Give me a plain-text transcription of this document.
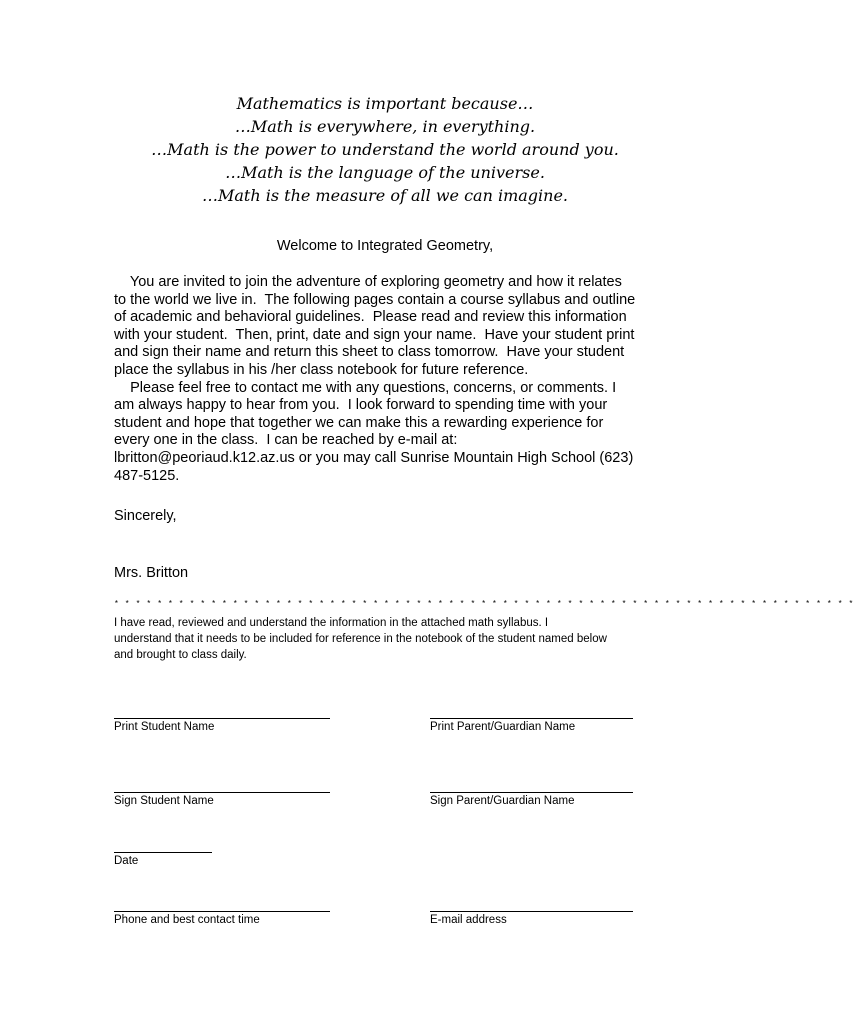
Mathematics is important because…
…Math is everywhere, in everything.
…Math is the power to understand the world around you.
…Math is the language of the universe.
…Math is the measure of all we can imagine.
Welcome to Integrated Geometry,
You are invited to join the adventure of exploring geometry and how it relates
to the world we live in.  The following pages contain a course syllabus and outline
of academic and behavioral guidelines.  Please read and review this information
with your student.  Then, print, date and sign your name.  Have your student print
and sign their name and return this sheet to class tomorrow.  Have your student
place the syllabus in his /her class notebook for future reference.
Please feel free to contact me with any questions, concerns, or comments. I
am always happy to hear from you.  I look forward to spending time with your
student and hope that together we can make this a rewarding experience for
every one in the class.  I can be reached by e-mail at:
lbritton@peoriaud.k12.az.us or you may call Sunrise Mountain High School (623)
487-5125.
Sincerely,
Mrs. Britton
* * * * * * * * * * * * * * * * * * * * * * * * * * * * * * * * * * * * * * * * * * * * * * * * * * * * * * * * * * * * * * * * * * * * *
I have read, reviewed and understand the information in the attached math syllabus. I
understand that it needs to be included for reference in the notebook of the student named below
and brought to class daily.
Print Student Name	Print Parent/Guardian Name
Sign Student Name	Sign Parent/Guardian Name
Date
Phone and best contact time	E-mail address
